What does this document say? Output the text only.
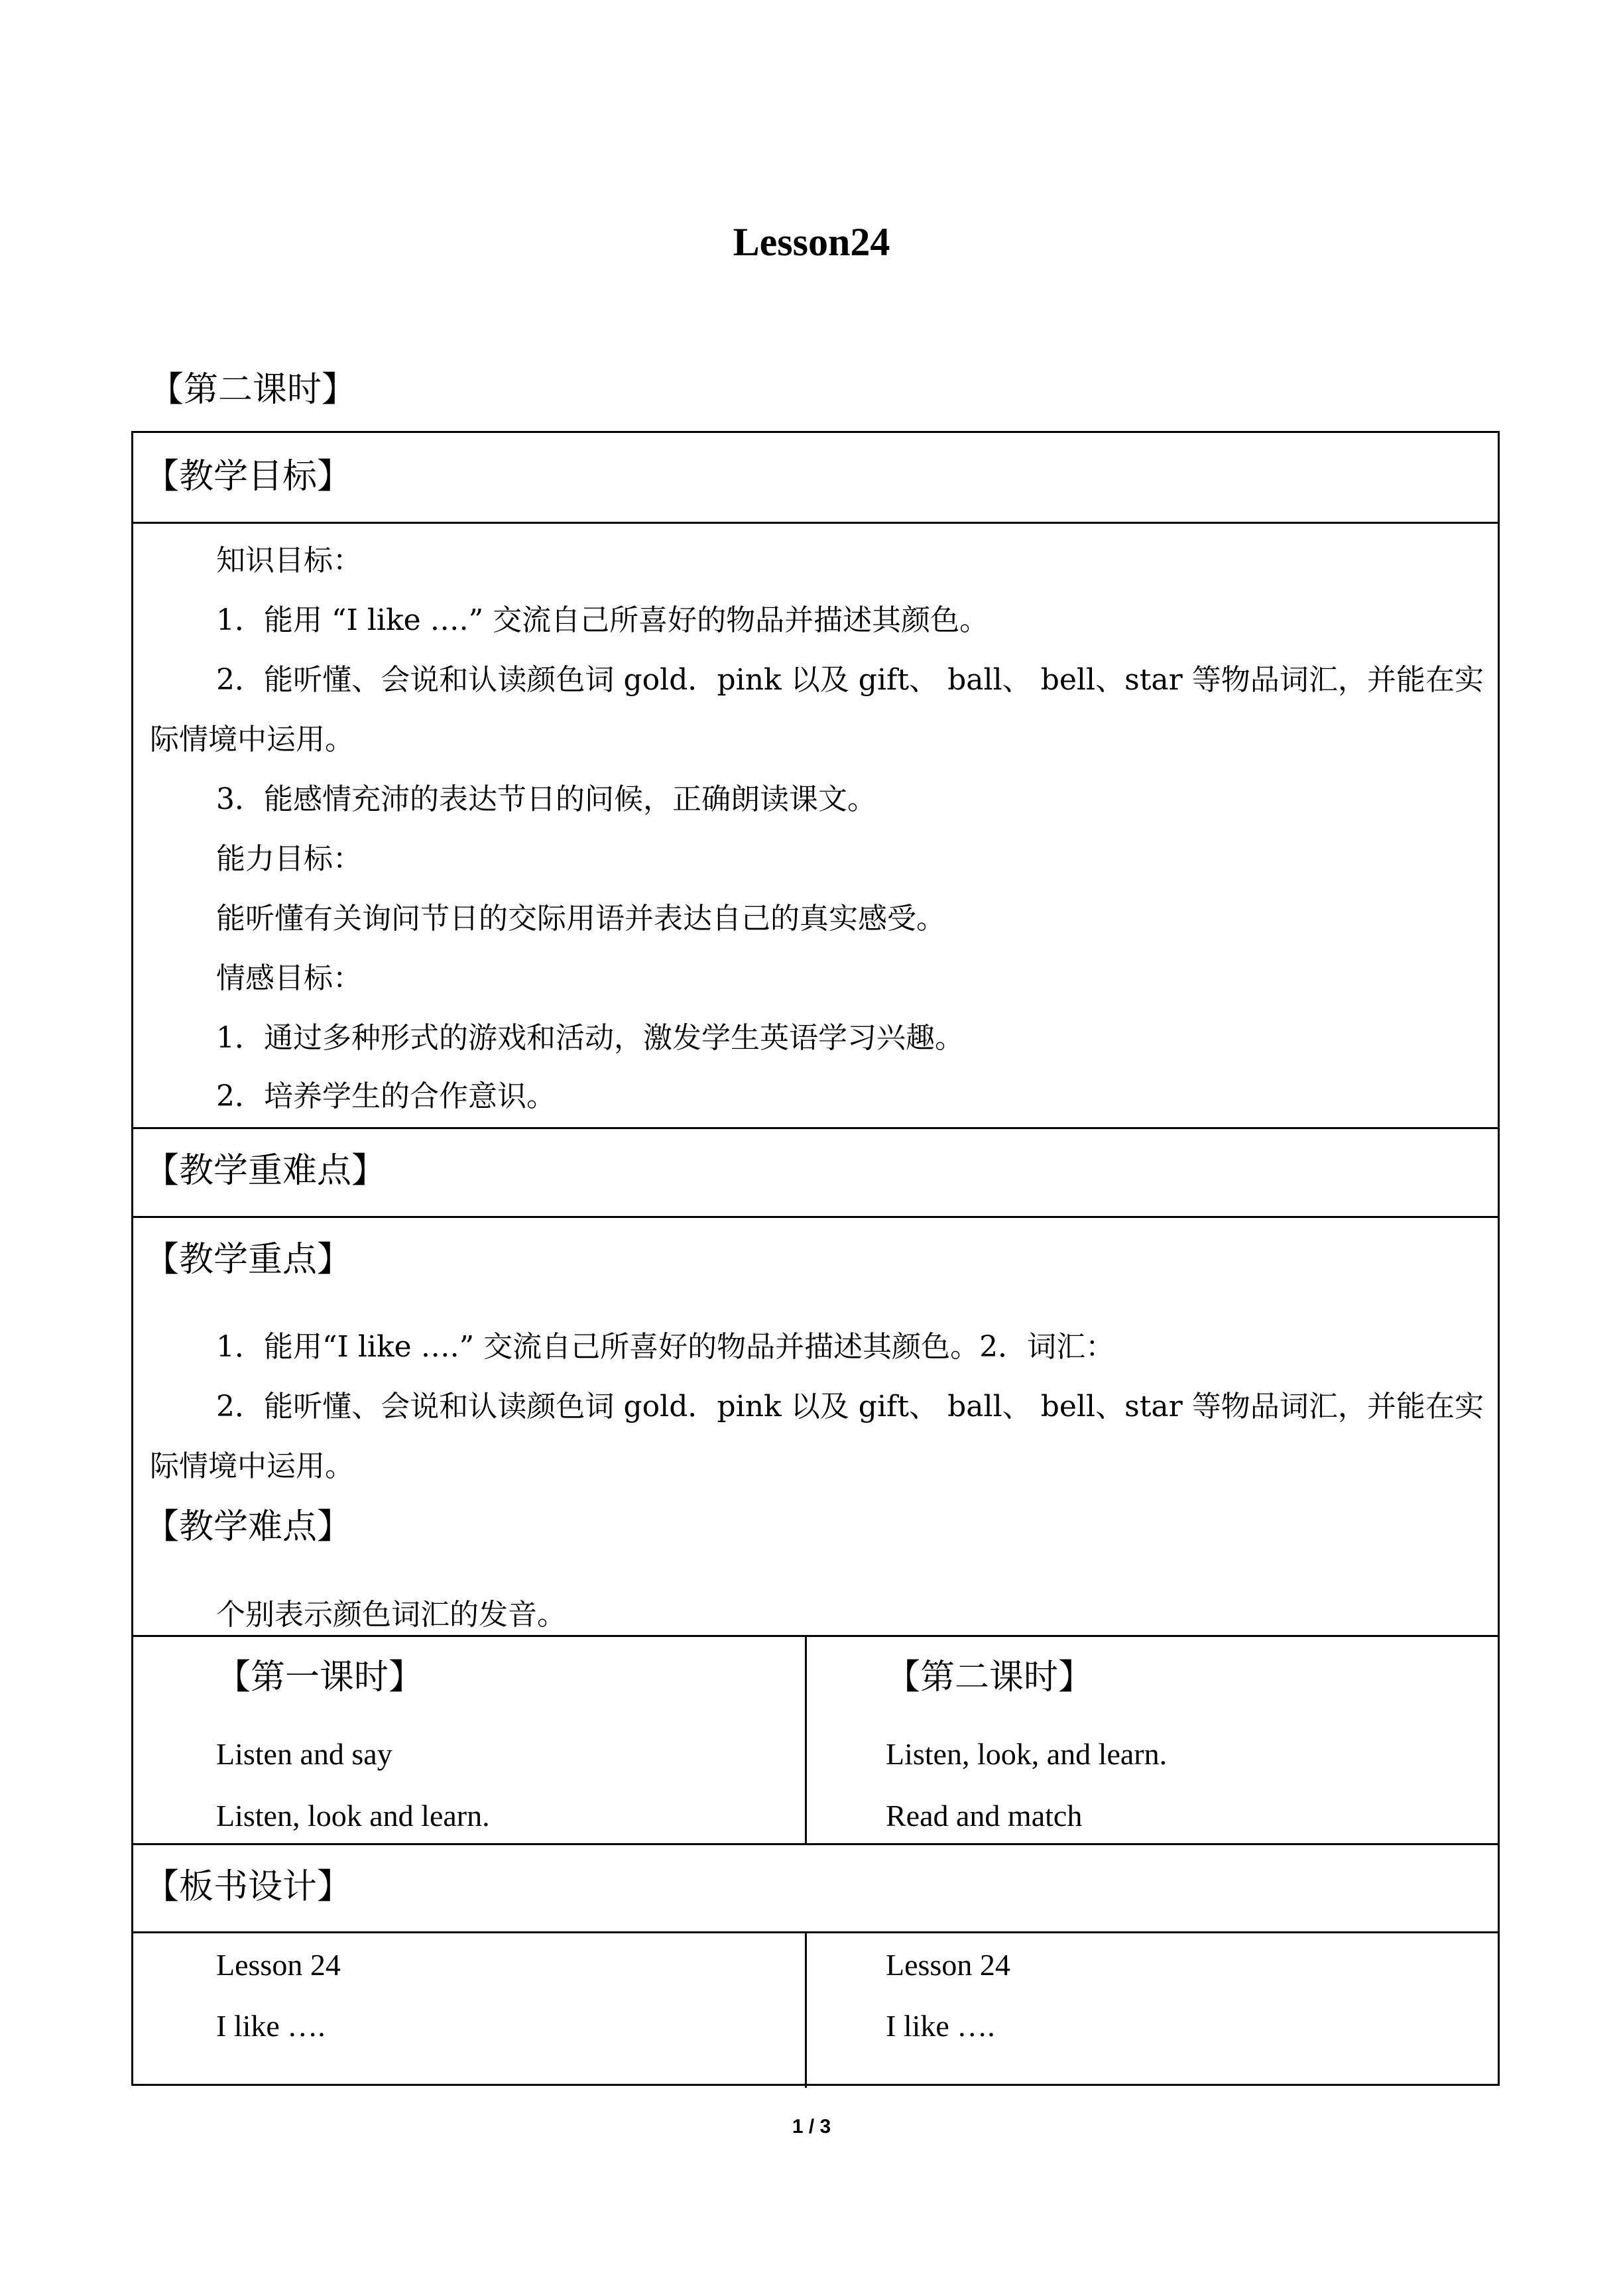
Lesson24
【第二课时】
【教学目标】
知识目标：
1．能用 “I like ….” 交流自己所喜好的物品并描述其颜色。
2．能听懂、会说和认读颜色词 gold．pink 以及 gift、 ball、 bell、star 等物品词汇，并能在实际情境中运用。
3．能感情充沛的表达节日的问候，正确朗读课文。
能力目标：
能听懂有关询问节日的交际用语并表达自己的真实感受。
情感目标：
1．通过多种形式的游戏和活动，激发学生英语学习兴趣。
2．培养学生的合作意识。
【教学重难点】
【教学重点】
1．能用“I like ….” 交流自己所喜好的物品并描述其颜色。2．词汇：
2．能听懂、会说和认读颜色词 gold．pink 以及 gift、 ball、 bell、star 等物品词汇，并能在实际情境中运用。
【教学难点】
个别表示颜色词汇的发音。
【第一课时】
Listen and say
Listen, look and learn.
【第二课时】
Listen, look, and learn.
Read and match
【板书设计】
Lesson 24
I like ….
Lesson 24
I like ….
1 / 3
